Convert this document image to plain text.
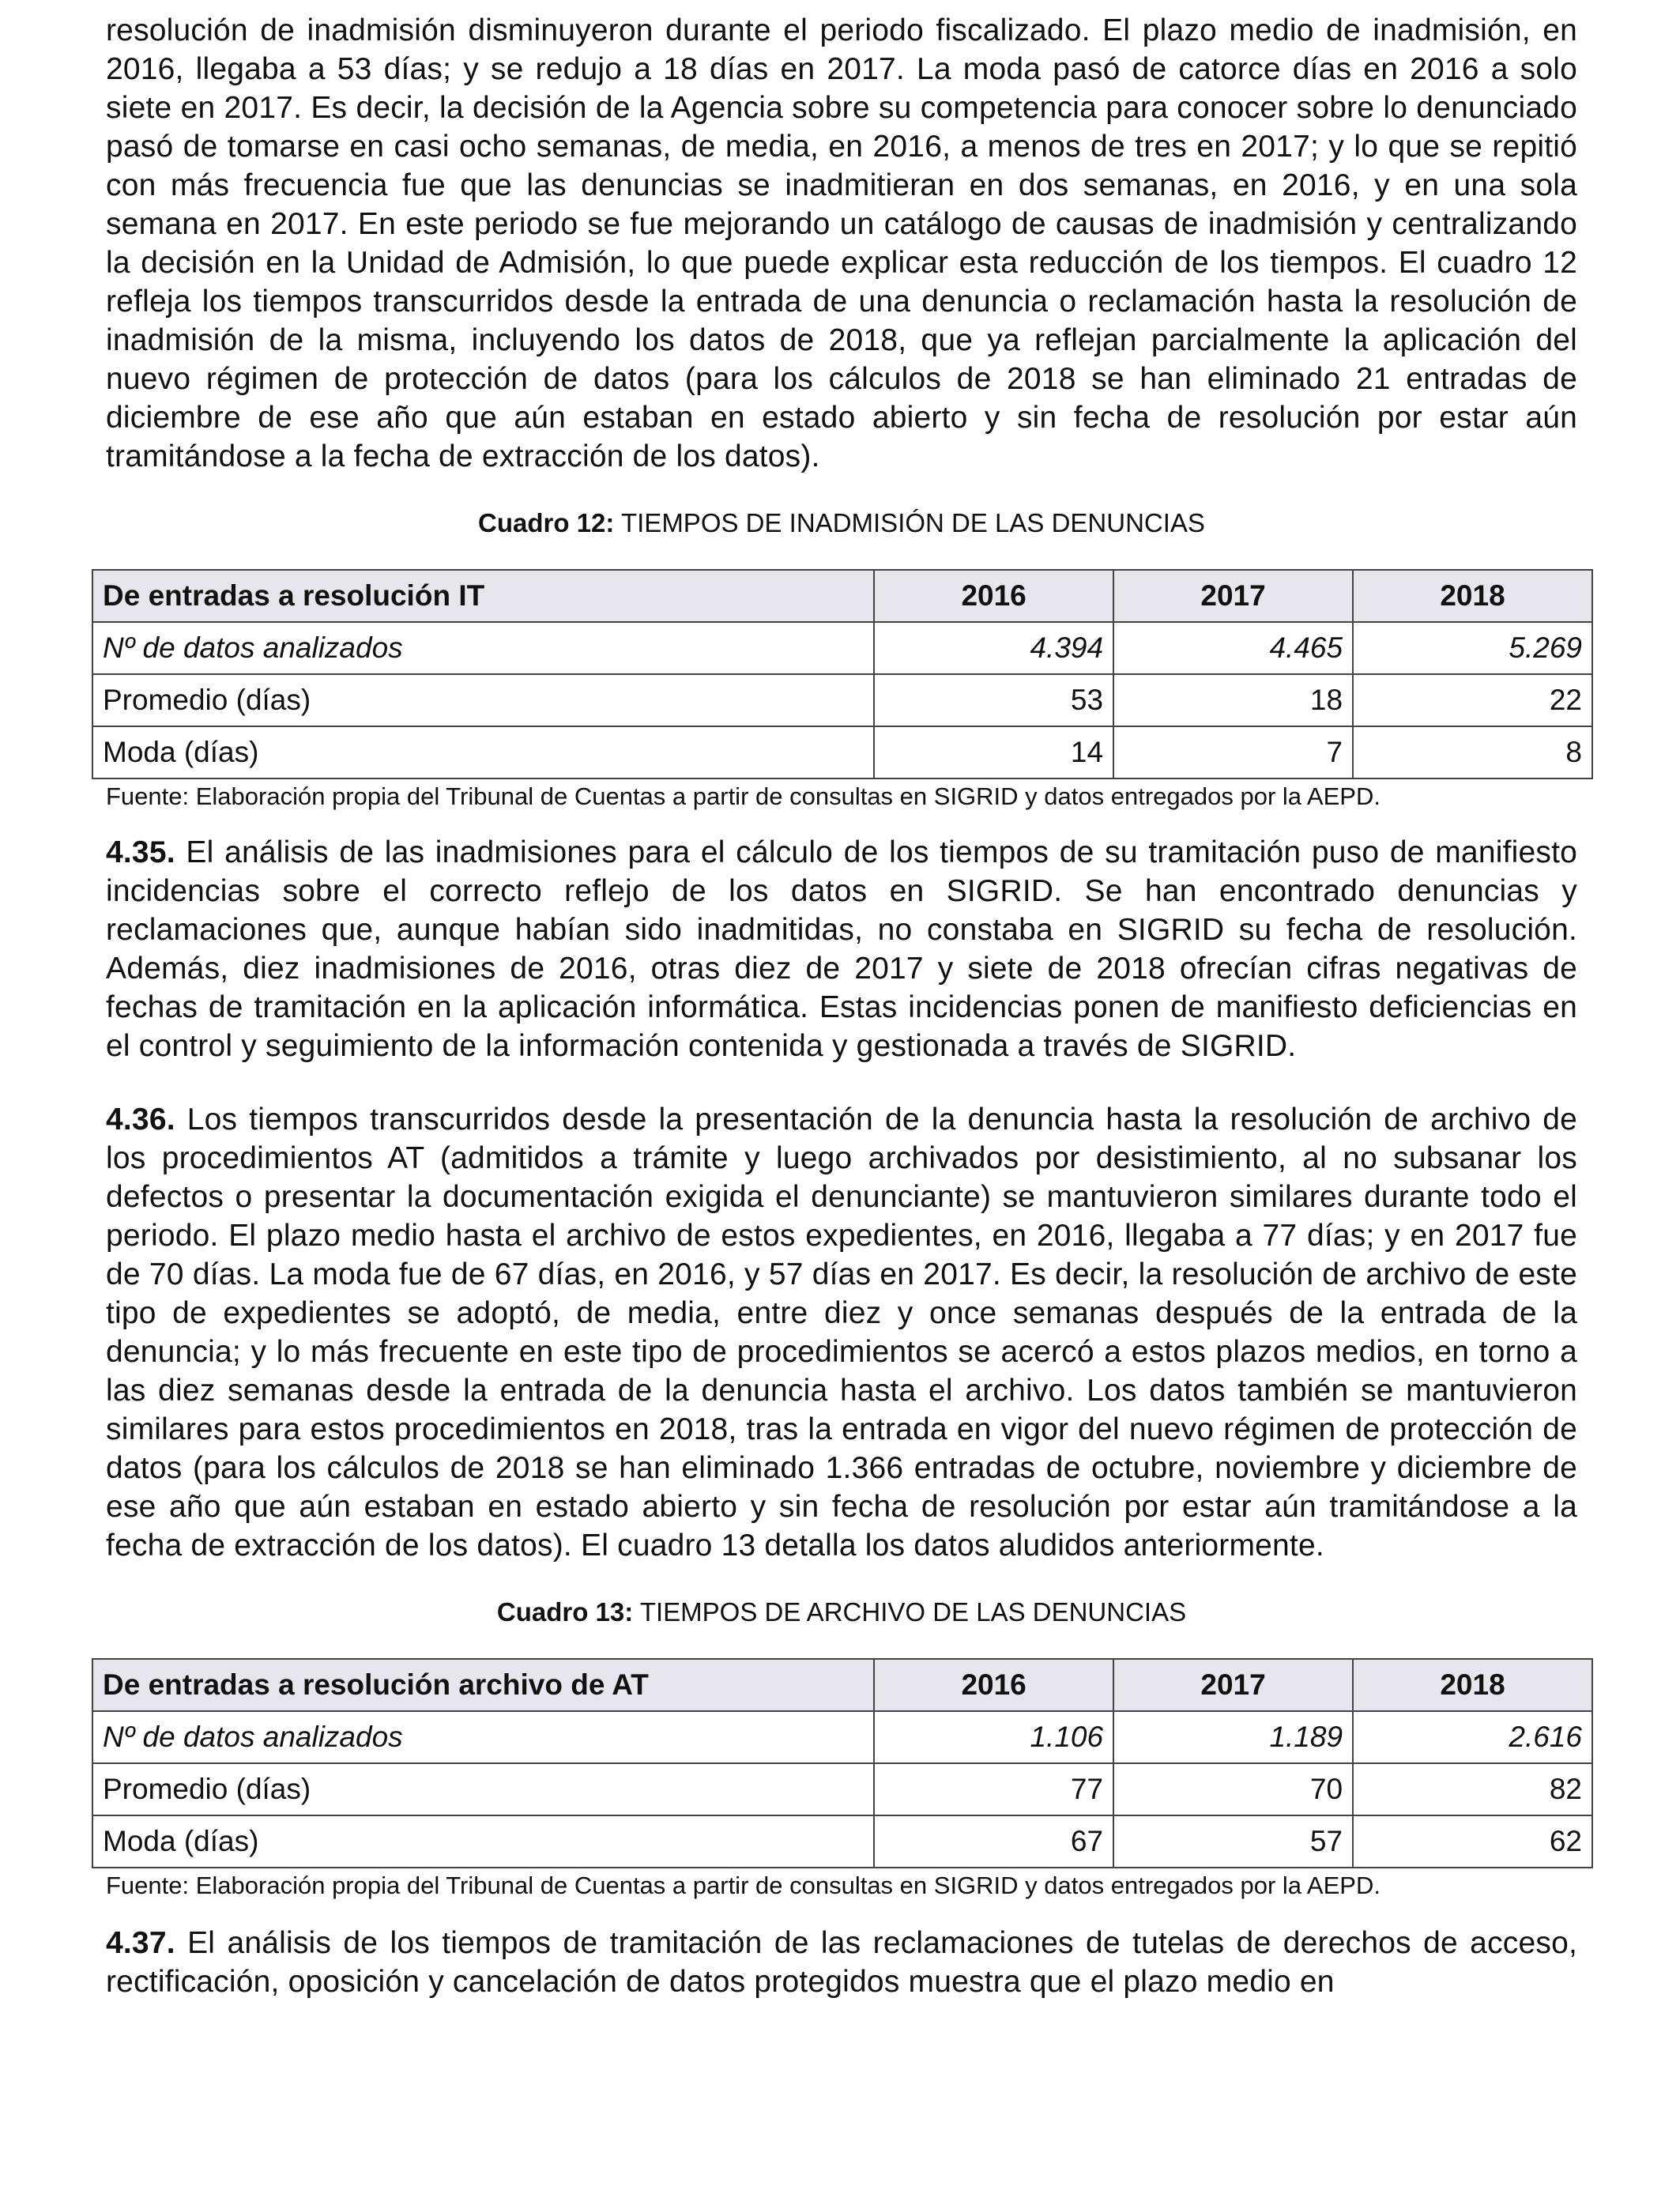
resolución de inadmisión disminuyeron durante el periodo fiscalizado. El plazo medio de inadmisión, en 2016, llegaba a 53 días; y se redujo a 18 días en 2017. La moda pasó de catorce días en 2016 a solo siete en 2017. Es decir, la decisión de la Agencia sobre su competencia para conocer sobre lo denunciado pasó de tomarse en casi ocho semanas, de media, en 2016, a menos de tres en 2017; y lo que se repitió con más frecuencia fue que las denuncias se inadmitieran en dos semanas, en 2016, y en una sola semana en 2017. En este periodo se fue mejorando un catálogo de causas de inadmisión y centralizando la decisión en la Unidad de Admisión, lo que puede explicar esta reducción de los tiempos. El cuadro 12 refleja los tiempos transcurridos desde la entrada de una denuncia o reclamación hasta la resolución de inadmisión de la misma, incluyendo los datos de 2018, que ya reflejan parcialmente la aplicación del nuevo régimen de protección de datos (para los cálculos de 2018 se han eliminado 21 entradas de diciembre de ese año que aún estaban en estado abierto y sin fecha de resolución por estar aún tramitándose a la fecha de extracción de los datos).

Cuadro 12: TIEMPOS DE INADMISIÓN DE LAS DENUNCIAS
De entradas a resolución IT	2016	2017	2018
Nº de datos analizados	4.394	4.465	5.269
Promedio (días)	53	18	22
Moda (días)	14	7	8
Fuente: Elaboración propia del Tribunal de Cuentas a partir de consultas en SIGRID y datos entregados por la AEPD.

4.35. El análisis de las inadmisiones para el cálculo de los tiempos de su tramitación puso de manifiesto incidencias sobre el correcto reflejo de los datos en SIGRID. Se han encontrado denuncias y reclamaciones que, aunque habían sido inadmitidas, no constaba en SIGRID su fecha de resolución. Además, diez inadmisiones de 2016, otras diez de 2017 y siete de 2018 ofrecían cifras negativas de fechas de tramitación en la aplicación informática. Estas incidencias ponen de manifiesto deficiencias en el control y seguimiento de la información contenida y gestionada a través de SIGRID.

4.36. Los tiempos transcurridos desde la presentación de la denuncia hasta la resolución de archivo de los procedimientos AT (admitidos a trámite y luego archivados por desistimiento, al no subsanar los defectos o presentar la documentación exigida el denunciante) se mantuvieron similares durante todo el periodo. El plazo medio hasta el archivo de estos expedientes, en 2016, llegaba a 77 días; y en 2017 fue de 70 días. La moda fue de 67 días, en 2016, y 57 días en 2017. Es decir, la resolución de archivo de este tipo de expedientes se adoptó, de media, entre diez y once semanas después de la entrada de la denuncia; y lo más frecuente en este tipo de procedimientos se acercó a estos plazos medios, en torno a las diez semanas desde la entrada de la denuncia hasta el archivo. Los datos también se mantuvieron similares para estos procedimientos en 2018, tras la entrada en vigor del nuevo régimen de protección de datos (para los cálculos de 2018 se han eliminado 1.366 entradas de octubre, noviembre y diciembre de ese año que aún estaban en estado abierto y sin fecha de resolución por estar aún tramitándose a la fecha de extracción de los datos). El cuadro 13 detalla los datos aludidos anteriormente.

Cuadro 13: TIEMPOS DE ARCHIVO DE LAS DENUNCIAS
De entradas a resolución archivo de AT	2016	2017	2018
Nº de datos analizados	1.106	1.189	2.616
Promedio (días)	77	70	82
Moda (días)	67	57	62
Fuente: Elaboración propia del Tribunal de Cuentas a partir de consultas en SIGRID y datos entregados por la AEPD.

4.37. El análisis de los tiempos de tramitación de las reclamaciones de tutelas de derechos de acceso, rectificación, oposición y cancelación de datos protegidos muestra que el plazo medio en
